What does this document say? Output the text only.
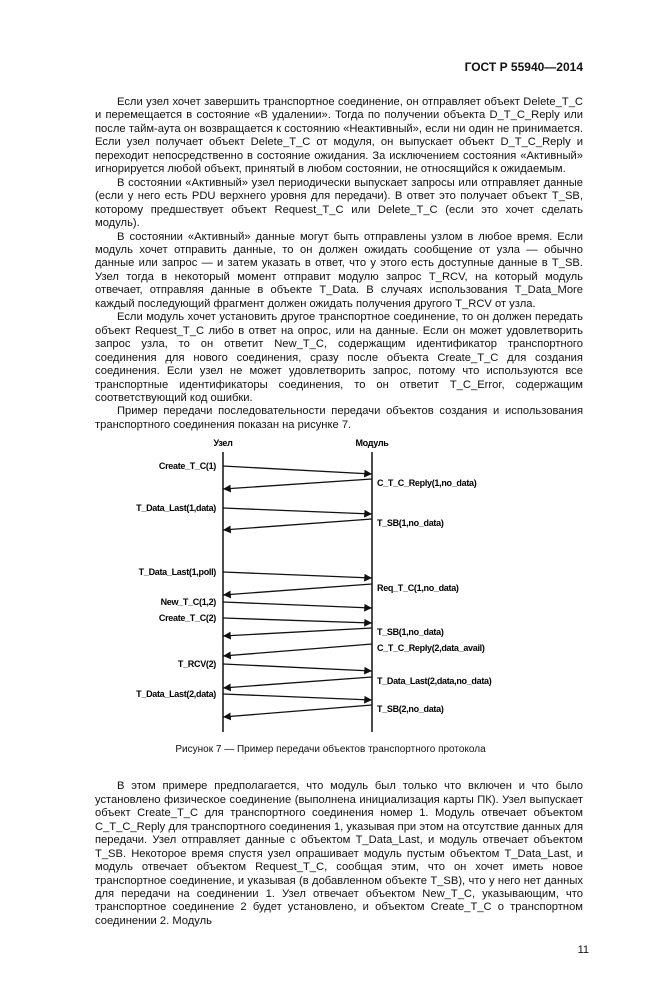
ГОСТ Р 55940—2014

Если узел хочет завершить транспортное соединение, он отправляет объект Delete_T_C и перемещается в состояние «В удалении». Тогда по получении объекта D_T_C_Reply или после тайм-аута он возвращается к состоянию «Неактивный», если ни один не принимается. Если узел получает объект Delete_T_C от модуля, он выпускает объект D_T_C_Reply и переходит непосредственно в состояние ожидания. За исключением состояния «Активный» игнорируется любой объект, принятый в любом состоянии, не относящийся к ожидаемым.

В состоянии «Активный» узел периодически выпускает запросы или отправляет данные (если у него есть PDU верхнего уровня для передачи). В ответ это получает объект T_SB, которому предшествует объект Request_T_C или Delete_T_C (если это хочет сделать модуль).

В состоянии «Активный» данные могут быть отправлены узлом в любое время. Если модуль хочет отправить данные, то он должен ожидать сообщение от узла — обычно данные или запрос — и затем указать в ответ, что у этого есть доступные данные в T_SB. Узел тогда в некоторый момент отправит модулю запрос T_RCV, на который модуль отвечает, отправляя данные в объекте T_Data. В случаях использования T_Data_More каждый последующий фрагмент должен ожидать получения другого T_RCV от узла.

Если модуль хочет установить другое транспортное соединение, то он должен передать объект Request_T_C либо в ответ на опрос, или на данные. Если он может удовлетворить запрос узла, то он ответит New_T_C, содержащим идентификатор транспортного соединения для нового соединения, сразу после объекта Create_T_C для создания соединения. Если узел не может удовлетворить запрос, потому что используются все транспортные идентификаторы соединения, то он ответит T_C_Error, содержащим соответствующий код ошибки.

Пример передачи последовательности передачи объектов создания и использования транспортного соединения показан на рисунке 7.

Узел	Модуль
Create_T_C(1)
C_T_C_Reply(1,no_data)
T_Data_Last(1,data)
T_SB(1,no_data)
T_Data_Last(1,poll)
Req_T_C(1,no_data)
New_T_C(1,2)
Create_T_C(2)
T_SB(1,no_data)
C_T_C_Reply(2,data_avail)
T_RCV(2)
T_Data_Last(2,data,no_data)
T_Data_Last(2,data)
T_SB(2,no_data)
Рисунок 7 — Пример передачи объектов транспортного протокола

В этом примере предполагается, что модуль был только что включен и что было установлено физическое соединение (выполнена инициализация карты ПК). Узел выпускает объект Create_T_C для транспортного соединения номер 1. Модуль отвечает объектом C_T_C_Reply для транспортного соединения 1, указывая при этом на отсутствие данных для передачи. Узел отправляет данные с объектом T_Data_Last, и модуль отвечает объектом T_SB. Некоторое время спустя узел опрашивает модуль пустым объектом T_Data_Last, и модуль отвечает объектом Request_T_C, сообщая этим, что он хочет иметь новое транспортное соединение, и указывая (в добавленном объекте T_SB), что у него нет данных для передачи на соединении 1. Узел отвечает объектом New_T_C, указывающим, что транспортное соединение 2 будет установлено, и объектом Create_T_C о транспортном соединении 2. Модуль

11
